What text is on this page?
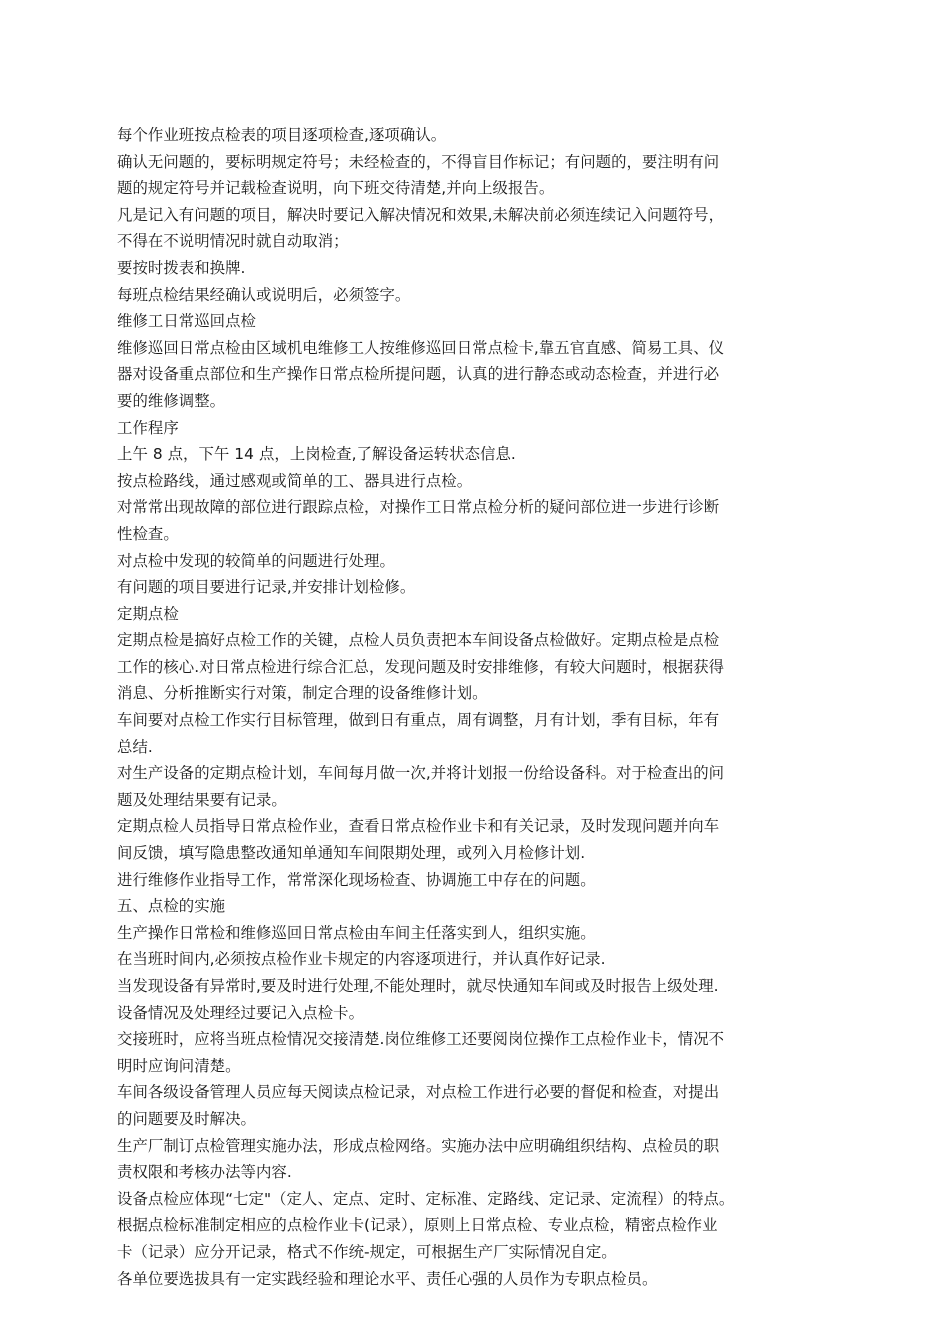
每个作业班按点检表的项目逐项检查,逐项确认。

确认无问题的，要标明规定符号；未经检查的，不得盲目作标记；有问题的，要注明有问
题的规定符号并记载检查说明，向下班交待清楚,并向上级报告。

凡是记入有问题的项目，解决时要记入解决情况和效果,未解决前必须连续记入问题符号，
不得在不说明情况时就自动取消；

要按时拨表和换牌.

每班点检结果经确认或说明后，必须签字。

维修工日常巡回点检

维修巡回日常点检由区域机电维修工人按维修巡回日常点检卡,靠五官直感、简易工具、仪
器对设备重点部位和生产操作日常点检所提问题，认真的进行静态或动态检查，并进行必
要的维修调整。

工作程序

上午 8 点，下午 14 点，上岗检查,了解设备运转状态信息.

按点检路线，通过感观或简单的工、器具进行点检。

对常常出现故障的部位进行跟踪点检，对操作工日常点检分析的疑问部位进一步进行诊断
性检查。

对点检中发现的较简单的问题进行处理。

有问题的项目要进行记录,并安排计划检修。

定期点检

定期点检是搞好点检工作的关键，点检人员负责把本车间设备点检做好。定期点检是点检
工作的核心.对日常点检进行综合汇总，发现问题及时安排维修，有较大问题时，根据获得
消息、分析推断实行对策，制定合理的设备维修计划。

车间要对点检工作实行目标管理，做到日有重点，周有调整，月有计划，季有目标，年有
总结.

对生产设备的定期点检计划，车间每月做一次,并将计划报一份给设备科。对于检查出的问
题及处理结果要有记录。

定期点检人员指导日常点检作业，查看日常点检作业卡和有关记录，及时发现问题并向车
间反馈，填写隐患整改通知单通知车间限期处理，或列入月检修计划.

进行维修作业指导工作，常常深化现场检查、协调施工中存在的问题。

五、点检的实施

生产操作日常检和维修巡回日常点检由车间主任落实到人，组织实施。

在当班时间内,必须按点检作业卡规定的内容逐项进行，并认真作好记录.

当发现设备有异常时,要及时进行处理,不能处理时，就尽快通知车间或及时报告上级处理.
设备情况及处理经过要记入点检卡。

交接班时，应将当班点检情况交接清楚.岗位维修工还要阅岗位操作工点检作业卡，情况不
明时应询问清楚。

车间各级设备管理人员应每天阅读点检记录，对点检工作进行必要的督促和检查，对提出
的问题要及时解决。

生产厂制订点检管理实施办法，形成点检网络。实施办法中应明确组织结构、点检员的职
责权限和考核办法等内容.

设备点检应体现“七定"（定人、定点、定时、定标准、定路线、定记录、定流程）的特点。

根据点检标准制定相应的点检作业卡(记录），原则上日常点检、专业点检，精密点检作业
卡（记录）应分开记录，格式不作统-规定，可根据生产厂实际情况自定。

各单位要选拔具有一定实践经验和理论水平、责任心强的人员作为专职点检员。
